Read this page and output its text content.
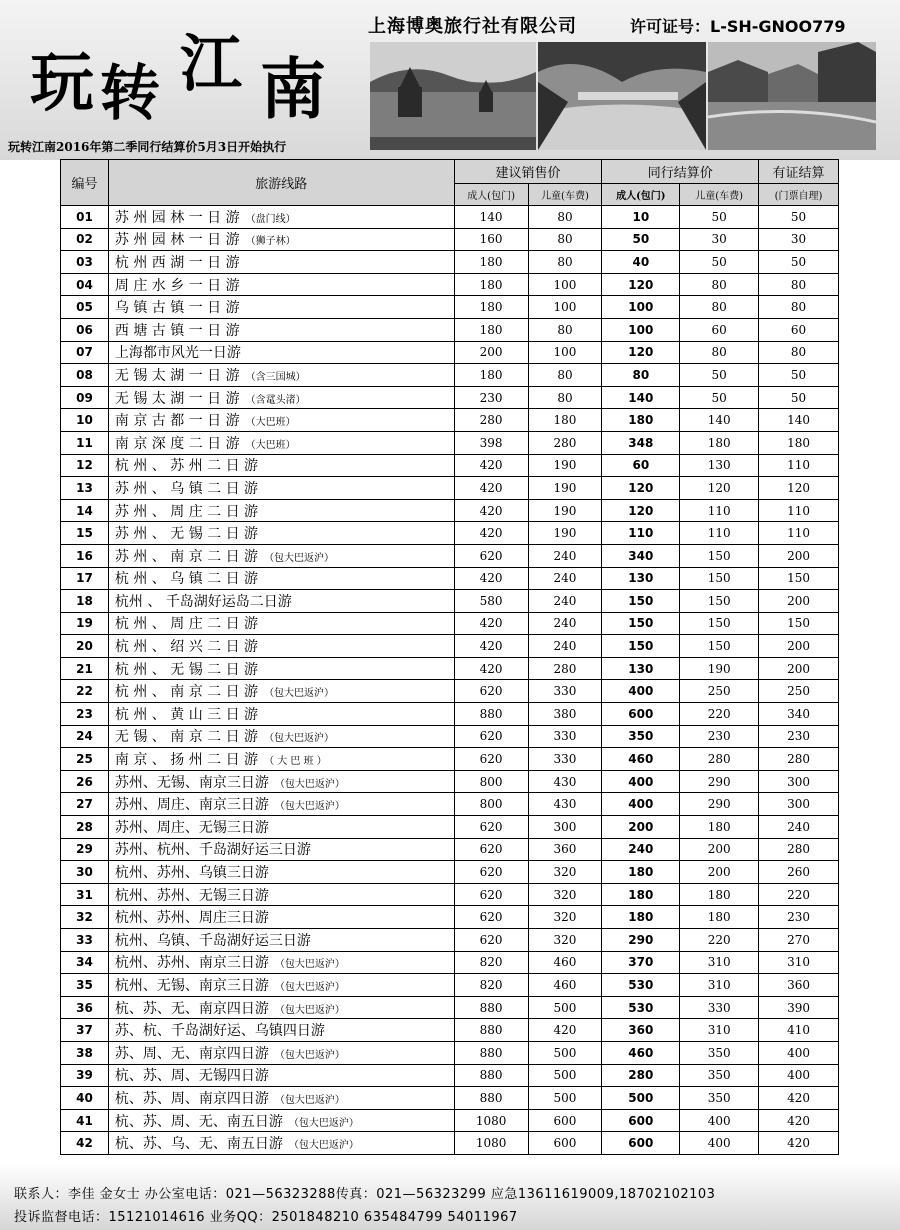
玩 转 江 南
上海博奥旅行社有限公司	许可证号：L-SH-GNOO779
玩转江南2016年第二季同行结算价5月3日开始执行
编号	旅游线路	建议销售价		同行结算价		有证结算
		成人(包门)	儿童(车费)	成人(包门)	儿童(车费)	(门票自理)
01	苏 州 园 林 一 日 游 （盘门线）	140	80	10	50	50
02	苏 州 园 林 一 日 游 （狮子林）	160	80	50	30	30
03	杭 州 西 湖 一 日 游	180	80	40	50	50
04	周 庄 水 乡 一 日 游	180	100	120	80	80
05	乌 镇 古 镇 一 日 游	180	100	100	80	80
06	西 塘 古 镇 一 日 游	180	80	100	60	60
07	上海都市风光一日游	200	100	120	80	80
08	无 锡 太 湖 一 日 游 （含三国城）	180	80	80	50	50
09	无 锡 太 湖 一 日 游 （含鼋头渚）	230	80	140	50	50
10	南 京 古 都 一 日 游 （大巴班）	280	180	180	140	140
11	南 京 深 度 二 日 游 （大巴班）	398	280	348	180	180
12	杭 州 、 苏 州 二 日 游	420	190	60	130	110
13	苏 州 、 乌 镇 二 日 游	420	190	120	120	120
14	苏 州 、 周 庄 二 日 游	420	190	120	110	110
15	苏 州 、 无 锡 二 日 游	420	190	110	110	110
16	苏 州 、 南 京 二 日 游 （包大巴返沪）	620	240	340	150	200
17	杭 州 、 乌 镇 二 日 游	420	240	130	150	150
18	杭州 、 千岛湖好运岛二日游	580	240	150	150	200
19	杭 州 、 周 庄 二 日 游	420	240	150	150	150
20	杭 州 、 绍 兴 二 日 游	420	240	150	150	200
21	杭 州 、 无 锡 二 日 游	420	280	130	190	200
22	杭 州 、 南 京 二 日 游 （包大巴返沪）	620	330	400	250	250
23	杭 州 、 黄 山 三 日 游	880	380	600	220	340
24	无 锡 、 南 京 二 日 游 （包大巴返沪）	620	330	350	230	230
25	南 京 、 扬 州 二 日 游 （ 大 巴 班 ）	620	330	460	280	280
26	苏州、无锡、南京三日游 （包大巴返沪）	800	430	400	290	300
27	苏州、周庄、南京三日游 （包大巴返沪）	800	430	400	290	300
28	苏州、周庄、无锡三日游	620	300	200	180	240
29	苏州、杭州、千岛湖好运三日游	620	360	240	200	280
30	杭州、苏州、乌镇三日游	620	320	180	200	260
31	杭州、苏州、无锡三日游	620	320	180	180	220
32	杭州、苏州、周庄三日游	620	320	180	180	230
33	杭州、乌镇、千岛湖好运三日游	620	320	290	220	270
34	杭州、苏州、南京三日游 （包大巴返沪）	820	460	370	310	310
35	杭州、无锡、南京三日游 （包大巴返沪）	820	460	530	310	360
36	杭、苏、无、南京四日游 （包大巴返沪）	880	500	530	330	390
37	苏、杭、千岛湖好运、乌镇四日游	880	420	360	310	410
38	苏、周、无、南京四日游 （包大巴返沪）	880	500	460	350	400
39	杭、苏、周、无锡四日游	880	500	280	350	400
40	杭、苏、周、南京四日游 （包大巴返沪）	880	500	500	350	420
41	杭、苏、周、无、南五日游 （包大巴返沪）	1080	600	600	400	420
42	杭、苏、乌、无、南五日游 （包大巴返沪）	1080	600	600	400	420
联系人：李佳 金女士 办公室电话：021—56323288传真：021—56323299 应急13611619009,18702102103
投诉监督电话：15121014616 业务QQ：2501848210 635484799 54011967
